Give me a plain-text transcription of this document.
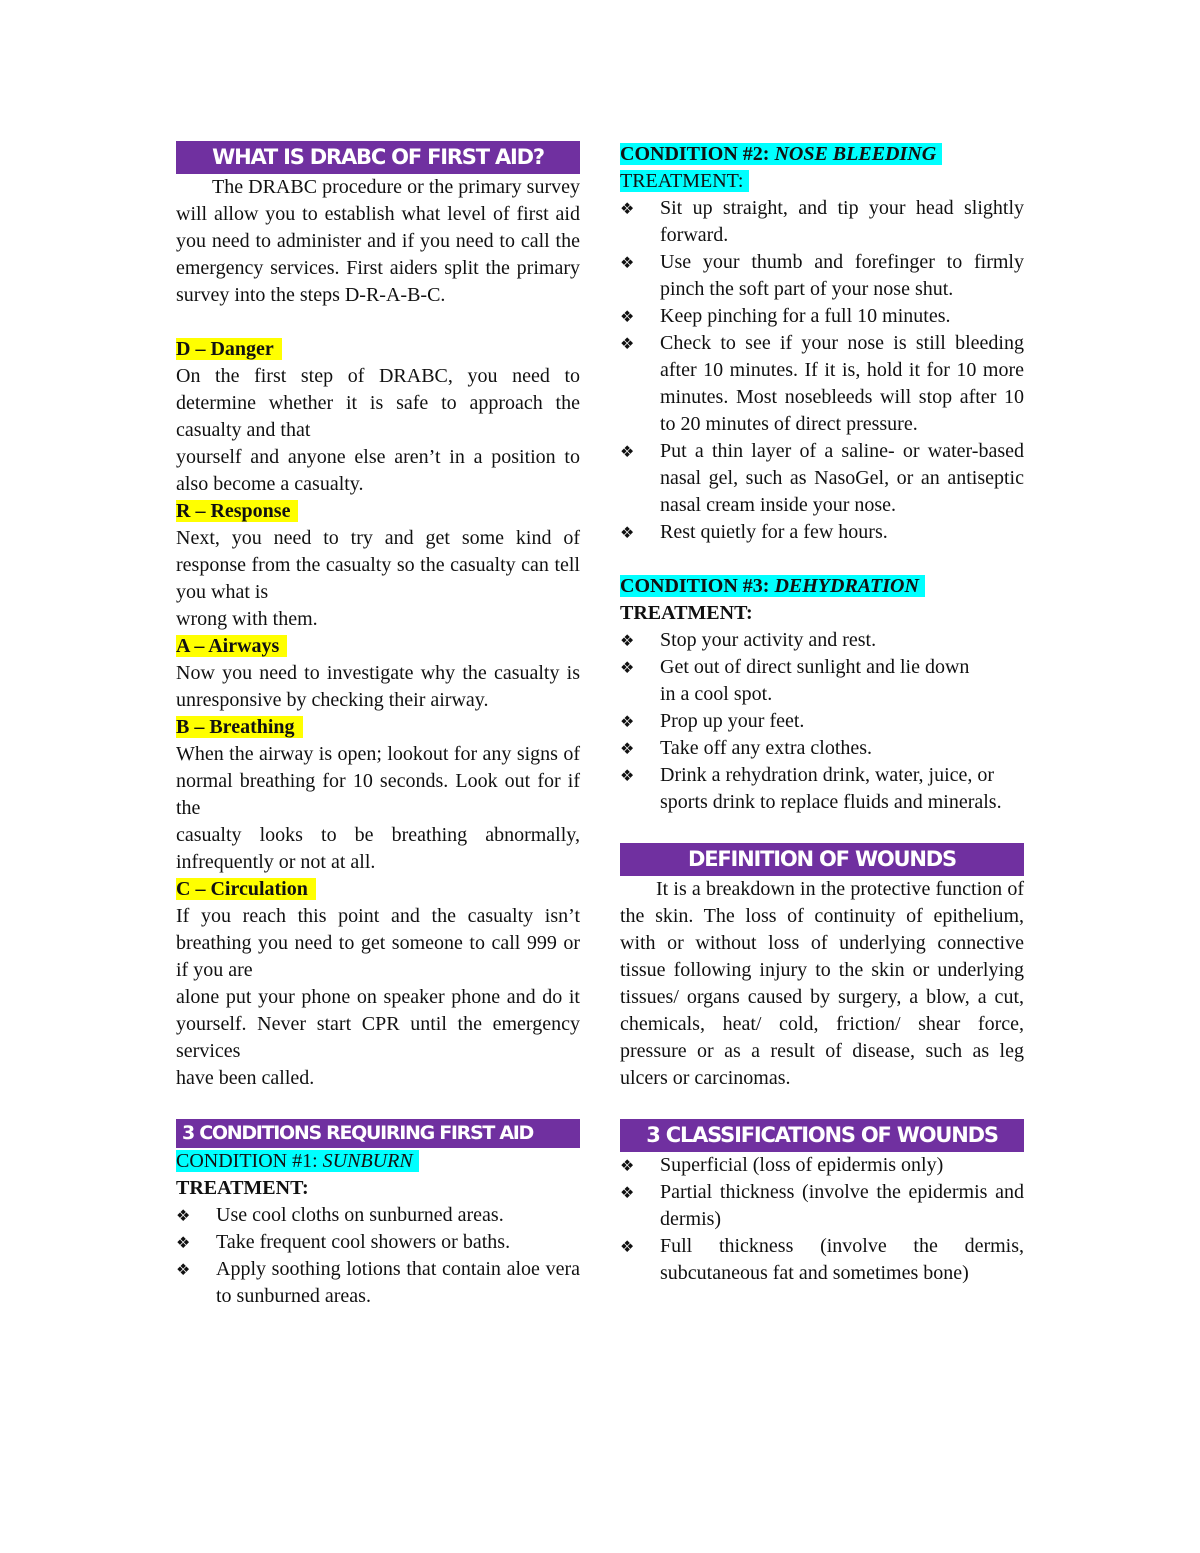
WHAT IS DRABC OF FIRST AID?

The DRABC procedure or the primary survey will allow you to establish what level of first aid you need to administer and if you need to call the emergency services. First aiders split the primary survey into the steps D-R-A-B-C.

D – Danger

On the first step of DRABC, you need to determine whether it is safe to approach the casualty and that

yourself and anyone else aren’t in a position to also become a casualty.

R – Response

Next, you need to try and get some kind of response from the casualty so the casualty can tell you what is

wrong with them.

A – Airways

Now you need to investigate why the casualty is unresponsive by checking their airway.

B – Breathing

When the airway is open; lookout for any signs of normal breathing for 10 seconds. Look out for if the

casualty looks to be breathing abnormally, infrequently or not at all.

C – Circulation

If you reach this point and the casualty isn’t breathing you need to get someone to call 999 or if you are

alone put your phone on speaker phone and do it yourself. Never start CPR until the emergency services

have been called.

3 CONDITIONS REQUIRING FIRST AID

CONDITION #1: SUNBURN

TREATMENT:

❖ Use cool cloths on sunburned areas.
❖ Take frequent cool showers or baths.
❖ Apply soothing lotions that contain aloe vera to sunburned areas.

CONDITION #2: NOSE BLEEDING

TREATMENT:

❖ Sit up straight, and tip your head slightly forward.
❖ Use your thumb and forefinger to firmly pinch the soft part of your nose shut.
❖ Keep pinching for a full 10 minutes.
❖ Check to see if your nose is still bleeding after 10 minutes. If it is, hold it for 10 more minutes. Most nosebleeds will stop after 10 to 20 minutes of direct pressure.
❖ Put a thin layer of a saline- or water-based nasal gel, such as NasoGel, or an antiseptic nasal cream inside your nose.
❖ Rest quietly for a few hours.

CONDITION #3: DEHYDRATION

TREATMENT:

❖ Stop your activity and rest.
❖ Get out of direct sunlight and lie down in a cool spot.
❖ Prop up your feet.
❖ Take off any extra clothes.
❖ Drink a rehydration drink, water, juice, or sports drink to replace fluids and minerals.
DEFINITION OF WOUNDS

It is a breakdown in the protective function of the skin. The loss of continuity of epithelium, with or without loss of underlying connective tissue following injury to the skin or underlying tissues/ organs caused by surgery, a blow, a cut, chemicals, heat/ cold, friction/ shear force, pressure or as a result of disease, such as leg ulcers or carcinomas.

3 CLASSIFICATIONS OF WOUNDS
❖ Superficial (loss of epidermis only)
❖ Partial thickness (involve the epidermis and dermis)
❖ Full thickness (involve the dermis, subcutaneous fat and sometimes bone)
